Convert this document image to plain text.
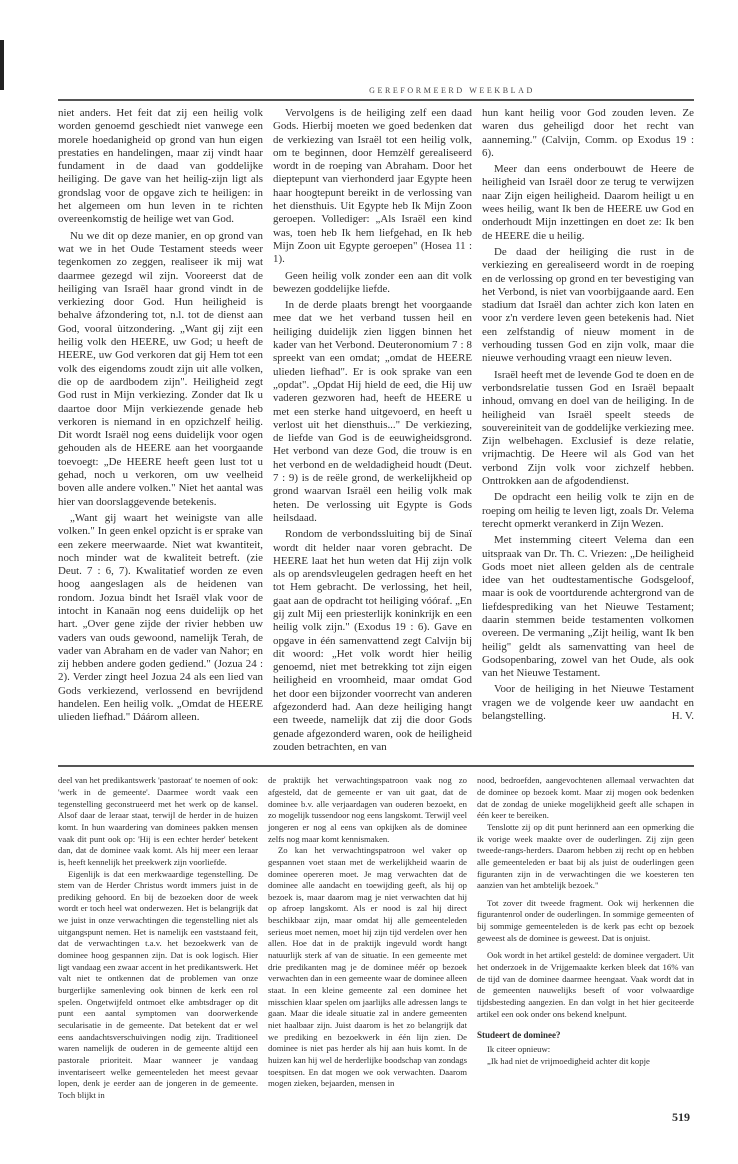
GEREFORMEERD WEEKBLAD

niet anders. Het feit dat zij een heilig volk worden genoemd geschiedt niet vanwege een morele hoedanigheid op grond van hun eigen prestaties en handelingen, maar zij vindt haar fundament in de daad van goddelijke heiliging. De gave van het heilig-zijn ligt als grondslag voor de opgave zich te heiligen: in het algemeen om hun leven in te richten overeenkomstig de heilige wet van God.

Nu we dit op deze manier, en op grond van wat we in het Oude Testament steeds weer tegenkomen zo zeggen, realiseer ik mij wat daarmee gezegd wil zijn. Vooreerst dat de heiliging van Israël haar grond vindt in de verkiezing door God. Hun heiligheid is behalve áfzondering tot, n.l. tot de dienst aan God, vooral ùitzondering. „Want gij zijt een heilig volk den HEERE, uw God; u heeft de HEERE, uw God verkoren dat gij Hem tot een volk des eigendoms zoudt zijn uit alle volken, die op de aardbodem zijn". Heiligheid zegt God rust in Mijn verkiezing. Zonder dat Ik u daartoe door Mijn verkiezende genade heb verkoren is niemand in en opzichzelf heilig. Dit wordt Israël nog eens duidelijk voor ogen gehouden als de HEERE aan het voorgaande toevoegt: „De HEERE heeft geen lust tot u gehad, noch u verkoren, om uw veelheid boven alle andere volken." Niet het aantal was hier van doorslaggevende betekenis.

„Want gij waart het weinigste van alle volken." In geen enkel opzicht is er sprake van een zekere meerwaarde. Niet wat kwantiteit, noch minder wat de kwaliteit betreft. (zie Deut. 7 : 6, 7). Kwalitatief worden ze even hoog aangeslagen als de heidenen van rondom. Jozua bindt het Israël vlak voor de intocht in Kanaän nog eens duidelijk op het hart. „Over gene zijde der rivier hebben uw vaders van ouds gewoond, namelijk Terah, de vader van Abraham en de vader van Nahor; en zij hebben andere goden gediend." (Jozua 24 : 2). Verder zingt heel Jozua 24 als een lied van Gods verkiezend, verlossend en bevrijdend handelen. Een heilig volk. „Omdat de HEERE ulieden liefhad." Dáárom alleen.

Vervolgens is de heiliging zelf een daad Gods. Hierbij moeten we goed bedenken dat de verkiezing van Israël tot een heilig volk, om te beginnen, door Hemzèlf gerealiseerd wordt in de roeping van Abraham. Door het dieptepunt van vierhonderd jaar Egypte heen haar hoogtepunt bereikt in de verlossing van het diensthuis. Uit Egypte heb Ik Mijn Zoon geroepen. Vollediger: „Als Israël een kind was, toen heb Ik hem liefgehad, en Ik heb Mijn Zoon uit Egypte geroepen" (Hosea 11 : 1).

Geen heilig volk zonder een aan dit volk bewezen goddelijke liefde.

In de derde plaats brengt het voorgaande mee dat we het verband tussen heil en heiliging duidelijk zien liggen binnen het kader van het Verbond. Deuteronomium 7 : 8 spreekt van een omdat; „omdat de HEERE ulieden liefhad". Er is ook sprake van een „opdat". „Opdat Hij hield de eed, die Hij uw vaderen gezworen had, heeft de HEERE u met een sterke hand uitgevoerd, en heeft u verlost uit het diensthuis..." De verkiezing, de liefde van God is de eeuwigheidsgrond. Het verbond van deze God, die trouw is en het verbond en de weldadigheid houdt (Deut. 7 : 9) is de reële grond, de werkelijkheid op grond waarvan Israël een heilig volk mak heten. De verlossing uit Egypte is Gods heilsdaad.

Rondom de verbondssluiting bij de Sinaï wordt dit helder naar voren gebracht. De HEERE laat het hun weten dat Hij zijn volk als op arendsvleugelen gedragen heeft en het tot Hem gebracht. De verlossing, het heil, gaat aan de opdracht tot heiliging vóóraf. „En gij zult Mij een priesterlijk koninkrijk en een heilig volk zijn." (Exodus 19 : 6). Gave en opgave in één samenvattend zegt Calvijn bij dit woord: „Het volk wordt hier heilig genoemd, niet met betrekking tot zijn eigen heiligheid en vroomheid, maar omdat God het door een bijzonder voorrecht van anderen afgezonderd had. Aan deze heiliging hangt een tweede, namelijk dat zij die door Gods genade afgezonderd waren, ook de heiligheid zouden betrachten, en van

hun kant heilig voor God zouden leven. Ze waren dus geheiligd door het recht van aanneming." (Calvijn, Comm. op Exodus 19 : 6).

Meer dan eens onderbouwt de Heere de heiligheid van Israël door ze terug te verwijzen naar Zijn eigen heiligheid. Daarom heiligt u en wees heilig, want Ik ben de HEERE uw God en onderhoudt Mijn inzettingen en doet ze: Ik ben de HEERE die u heilig.

De daad der heiliging die rust in de verkiezing en gerealiseerd wordt in de roeping en de verlossing op grond en ter bevestiging van het Verbond, is niet van voorbijgaande aard. Een stadium dat Israël dan achter zich kon laten en voor z'n verdere leven geen betekenis had. Niet een zelfstandig of nieuw moment in de verhouding tussen God en zijn volk, maar die nieuwe verhouding vraagt een nieuw leven.

Israël heeft met de levende God te doen en de verbondsrelatie tussen God en Israël bepaalt inhoud, omvang en doel van de heiliging. In de heiligheid van Israël speelt steeds de souvereiniteit van de goddelijke verkiezing mee. Zijn welbehagen. Exclusief is deze relatie, vrijmachtig. De Heere wil als God van het verbond Zijn volk voor zichzelf hebben. Onttrokken aan de afgodendienst.

De opdracht een heilig volk te zijn en de roeping om heilig te leven ligt, zoals Dr. Velema terecht opmerkt verankerd in Zijn Wezen.

Met instemming citeert Velema dan een uitspraak van Dr. Th. C. Vriezen: „De heiligheid Gods moet niet alleen gelden als de centrale idee van het oudtestamentische Godsgeloof, maar is ook de voortdurende achtergrond van de liefdesprediking van het Nieuwe Testament; daarin stemmen beide testamenten volkomen overeen. De vermaning „Zijt heilig, want Ik ben heilig" geldt als samenvatting van heel de Godsopenbaring, zowel van het Oude, als ook van het Nieuwe Testament.

Voor de heiliging in het Nieuwe Testament vragen we de volgende keer uw aandacht en belangstelling.	H. V.

deel van het predikantswerk 'pastoraat' te noemen of ook: 'werk in de gemeente'. Daarmee wordt vaak een tegenstelling geconstrueerd met het werk op de kansel. Alsof daar de leraar staat, terwijl de herder in de huizen komt. In hun waardering van dominees pakken mensen vaak dit punt ook op: 'Hij is een echter herder' betekent dan, dat de dominee vaak komt. Als hij meer een leraar is, heeft kennelijk het preekwerk zijn voorliefde.

Eigenlijk is dat een merkwaardige tegenstelling. De stem van de Herder Christus wordt immers juist in de prediking gehoord. En bij de bezoeken door de week wordt er toch heel wat onderwezen. Het is belangrijk dat we juist in onze verwachtingen die tegenstelling niet als uitgangspunt nemen. Het is namelijk een vaststaand feit, dat de verwachtingen t.a.v. het bezoekwerk van de dominee hoog gespannen zijn. Dat is ook logisch. Hier ligt vandaag een zwaar accent in het predikantswerk. Het valt niet te ontkennen dat de problemen van onze burgerlijke samenleving ook binnen de kerk een rol spelen. Ongetwijfeld ontmoet elke ambtsdrager op dit punt een aantal symptomen van doorwerkende secularisatie in de gemeente. Dat betekent dat er wel eens aandachtsverschuivingen nodig zijn. Traditioneel waren namelijk de ouderen in de gemeente altijd een pastorale prioriteit. Maar wanneer je vandaag inventariseert welke gemeenteleden het meest gevaar lopen, denk je eerder aan de jongeren in de gemeente. Toch blijkt in

de praktijk het verwachtingspatroon vaak nog zo afgesteld, dat de gemeente er van uit gaat, dat de dominee b.v. alle verjaardagen van ouderen bezoekt, en zo mogelijk tussendoor nog eens langskomt. Terwijl veel jongeren er nog al eens van opkijken als de dominee zelfs nog maar komt kennismaken.

Zo kan het verwachtingspatroon wel vaker op gespannen voet staan met de werkelijkheid waarin de dominee opereren moet. Je mag verwachten dat de dominee alle aandacht en toewijding geeft, als hij op bezoek is, maar daarom mag je niet verwachten dat hij op afroep langskomt. Als er nood is zal hij direct beschikbaar zijn, maar omdat hij alle gemeenteleden serieus moet nemen, moet hij zijn tijd verdelen over hen allen. Hoe dat in de praktijk ingevuld wordt hangt natuurlijk sterk af van de situatie. In een gemeente met drie predikanten mag je de dominee méér op bezoek verwachten dan in een gemeente waar de dominee alleen staat. In een kleine gemeente zal een dominee het misschien klaar spelen om jaarlijks alle adressen langs te gaan. Maar die ideale situatie zal in andere gemeenten niet haalbaar zijn. Juist daarom is het zo belangrijk dat we prediking en bezoekwerk in één lijn zien. De dominee is niet pas herder als hij aan huis komt. In de huizen kan hij wel de herderlijke boodschap van zondags toespitsen. En dat mogen we ook verwachten. Daarom mogen zieken, bejaarden, mensen in

nood, bedroefden, aangevochtenen allemaal verwachten dat de dominee op bezoek komt. Maar zij mogen ook bedenken dat de zondag de unieke mogelijkheid geeft alle schapen in één keer te bereiken.

Tenslotte zij op dit punt herinnerd aan een opmerking die ik vorige week maakte over de ouderlingen. Zij zijn geen tweede-rangs-herders. Daarom hebben zij recht op en hebben alle gemeenteleden er baat bij als juist de ouderlingen geen figuranten zijn in de verwachtingen die we koesteren ten aanzien van het ambtelijk bezoek."

Tot zover dit tweede fragment. Ook wij herkennen die figurantenrol onder de ouderlingen. In sommige gemeenten of bij sommige gemeenteleden is de kerk pas echt op bezoek geweest als de dominee is geweest. Dat is onjuist.

Ook wordt in het artikel gesteld: de dominee vergadert. Uit het onderzoek in de Vrijgemaakte kerken bleek dat 16% van de tijd van de dominee daarmee heengaat. Vaak wordt dat in de gemeenten nauwelijks beseft of voor volwaardige tijdsbesteding aangezien. En dan volgt in het hier geciteerde artikel een ook onder ons bekend knelpunt.

Studeert de dominee?

Ik citeer opnieuw:

„Ik had niet de vrijmoedigheid achter dit kopje

519
